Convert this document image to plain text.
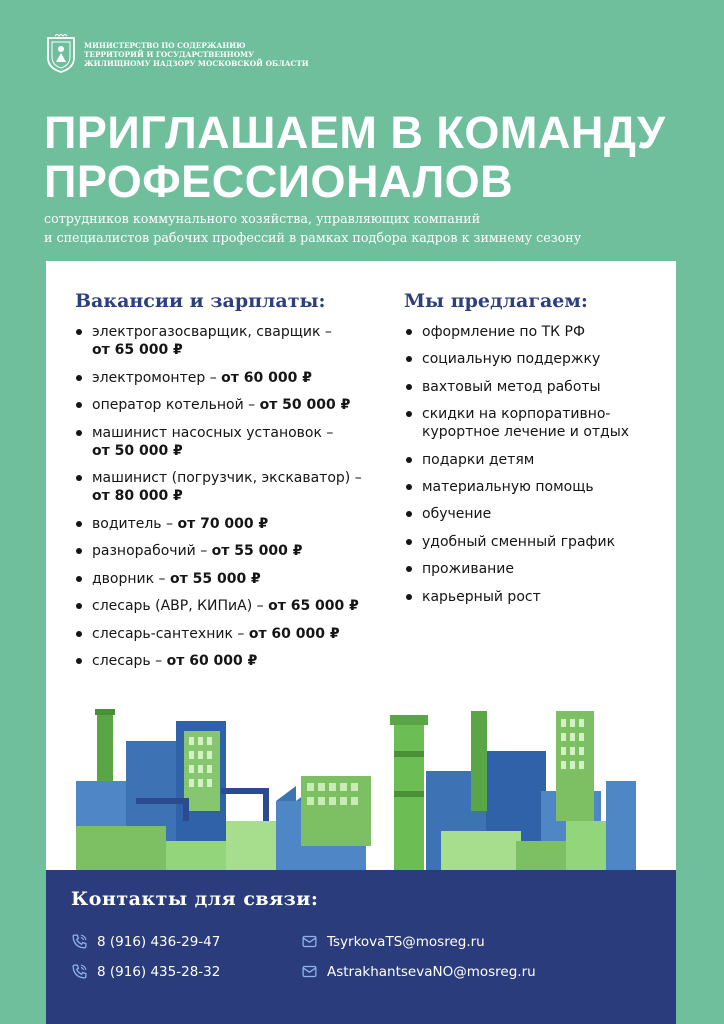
МИНИСТЕРСТВО ПО СОДЕРЖАНИЮ
ТЕРРИТОРИЙ И ГОСУДАРСТВЕННОМУ
ЖИЛИЩНОМУ НАДЗОРУ МОСКОВСКОЙ ОБЛАСТИ
ПРИГЛАШАЕМ В КОМАНДУ
ПРОФЕССИОНАЛОВ
сотрудников коммунального хозяйства, управляющих компаний
и специалистов рабочих профессий в рамках подбора кадров к зимнему сезону
Вакансии и зарплаты:	Мы предлагаем:
электрогазосварщик, сварщик – от 65 000 ₽
электромонтер – от 60 000 ₽
оператор котельной – от 50 000 ₽
машинист насосных установок – от 50 000 ₽
машинист (погрузчик, экскаватор) – от 80 000 ₽
водитель – от 70 000 ₽
разнорабочий – от 55 000 ₽
дворник – от 55 000 ₽
слесарь (АВР, КИПиА) – от 65 000 ₽
слесарь-сантехник – от 60 000 ₽
слесарь – от 60 000 ₽
оформление по ТК РФ
социальную поддержку
вахтовый метод работы
скидки на корпоративно-курортное лечение и отдых
подарки детям
материальную помощь
обучение
удобный сменный график
проживание
карьерный рост
Контакты для связи:
8 (916) 436-29-47
8 (916) 435-28-32
TsyrkovaTS@mosreg.ru
AstrakhantsevaNO@mosreg.ru
